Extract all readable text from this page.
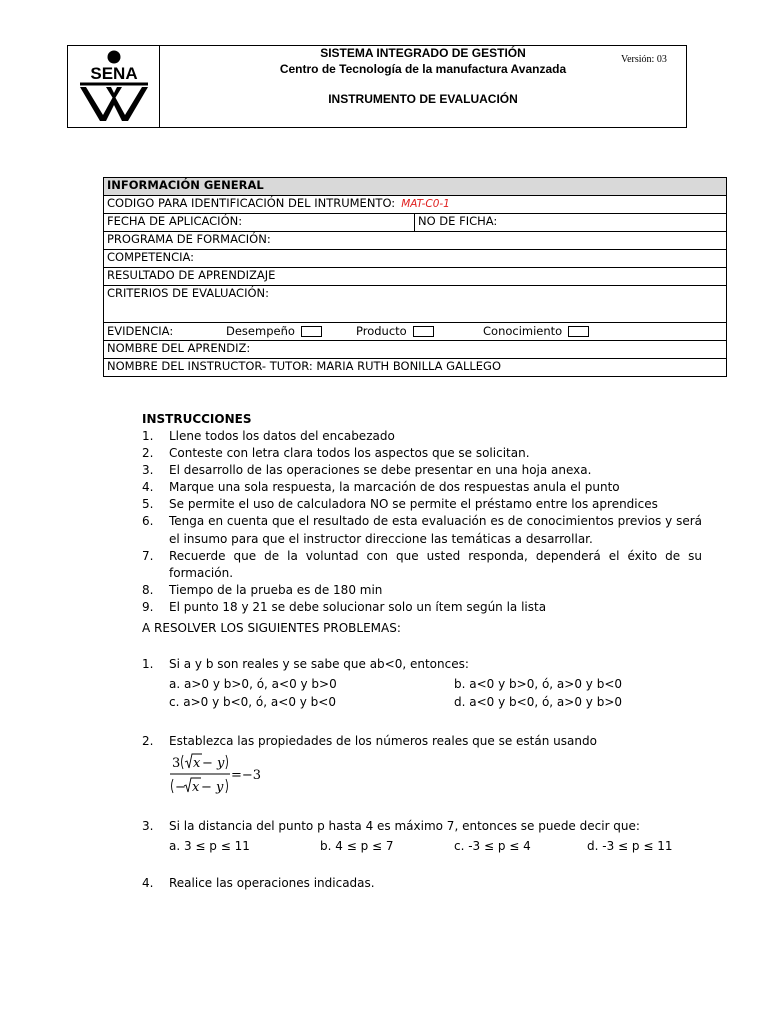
SENA
SISTEMA INTEGRADO DE GESTIÓN
Centro de Tecnología de la manufactura Avanzada
INSTRUMENTO DE EVALUACIÓN
Versión: 03
INFORMACIÓN GENERAL
CODIGO PARA IDENTIFICACIÓN DEL INTRUMENTO: MAT-C0-1
FECHA DE APLICACIÓN:	NO DE FICHA:
PROGRAMA DE FORMACIÓN:
COMPETENCIA:
RESULTADO DE APRENDIZAJE
CRITERIOS DE EVALUACIÓN:
EVIDENCIA:	Desempeño	Producto	Conocimiento
NOMBRE DEL APRENDIZ:
NOMBRE DEL INSTRUCTOR- TUTOR: MARIA RUTH BONILLA GALLEGO
INSTRUCCIONES
1.	Llene todos los datos del encabezado
2.	Conteste con letra clara todos los aspectos que se solicitan.
3.	El desarrollo de las operaciones se debe presentar en una hoja anexa.
4.	Marque una sola respuesta, la marcación de dos respuestas anula el punto
5.	Se permite el uso de calculadora NO se permite el préstamo entre los aprendices
6.	Tenga en cuenta que el resultado de esta evaluación es de conocimientos previos y será el insumo para que el instructor direccione las temáticas a desarrollar.
7.	Recuerde que de la voluntad con que usted responda, dependerá el éxito de su formación.
8.	Tiempo de la prueba es de 180 min
9.	El punto 18 y 21 se debe solucionar solo un ítem según la lista
A RESOLVER LOS SIGUIENTES PROBLEMAS:
1. Si a y b son reales y se sabe que ab<0, entonces:
a. a>0 y b>0, ó, a<0 y b>0	b. a<0 y b>0, ó, a>0 y b<0
c. a>0 y b<0, ó, a<0 y b<0	d. a<0 y b<0, ó, a>0 y b>0
2. Establezca las propiedades de los números reales que se están usando
3 x − y
− x − y
=−3
3. Si la distancia del punto p hasta 4 es máximo 7, entonces se puede decir que:
a. 3 ≤ p ≤ 11	b. 4 ≤ p ≤ 7	c. -3 ≤ p ≤ 4	d. -3 ≤ p ≤ 11
4. Realice las operaciones indicadas.
